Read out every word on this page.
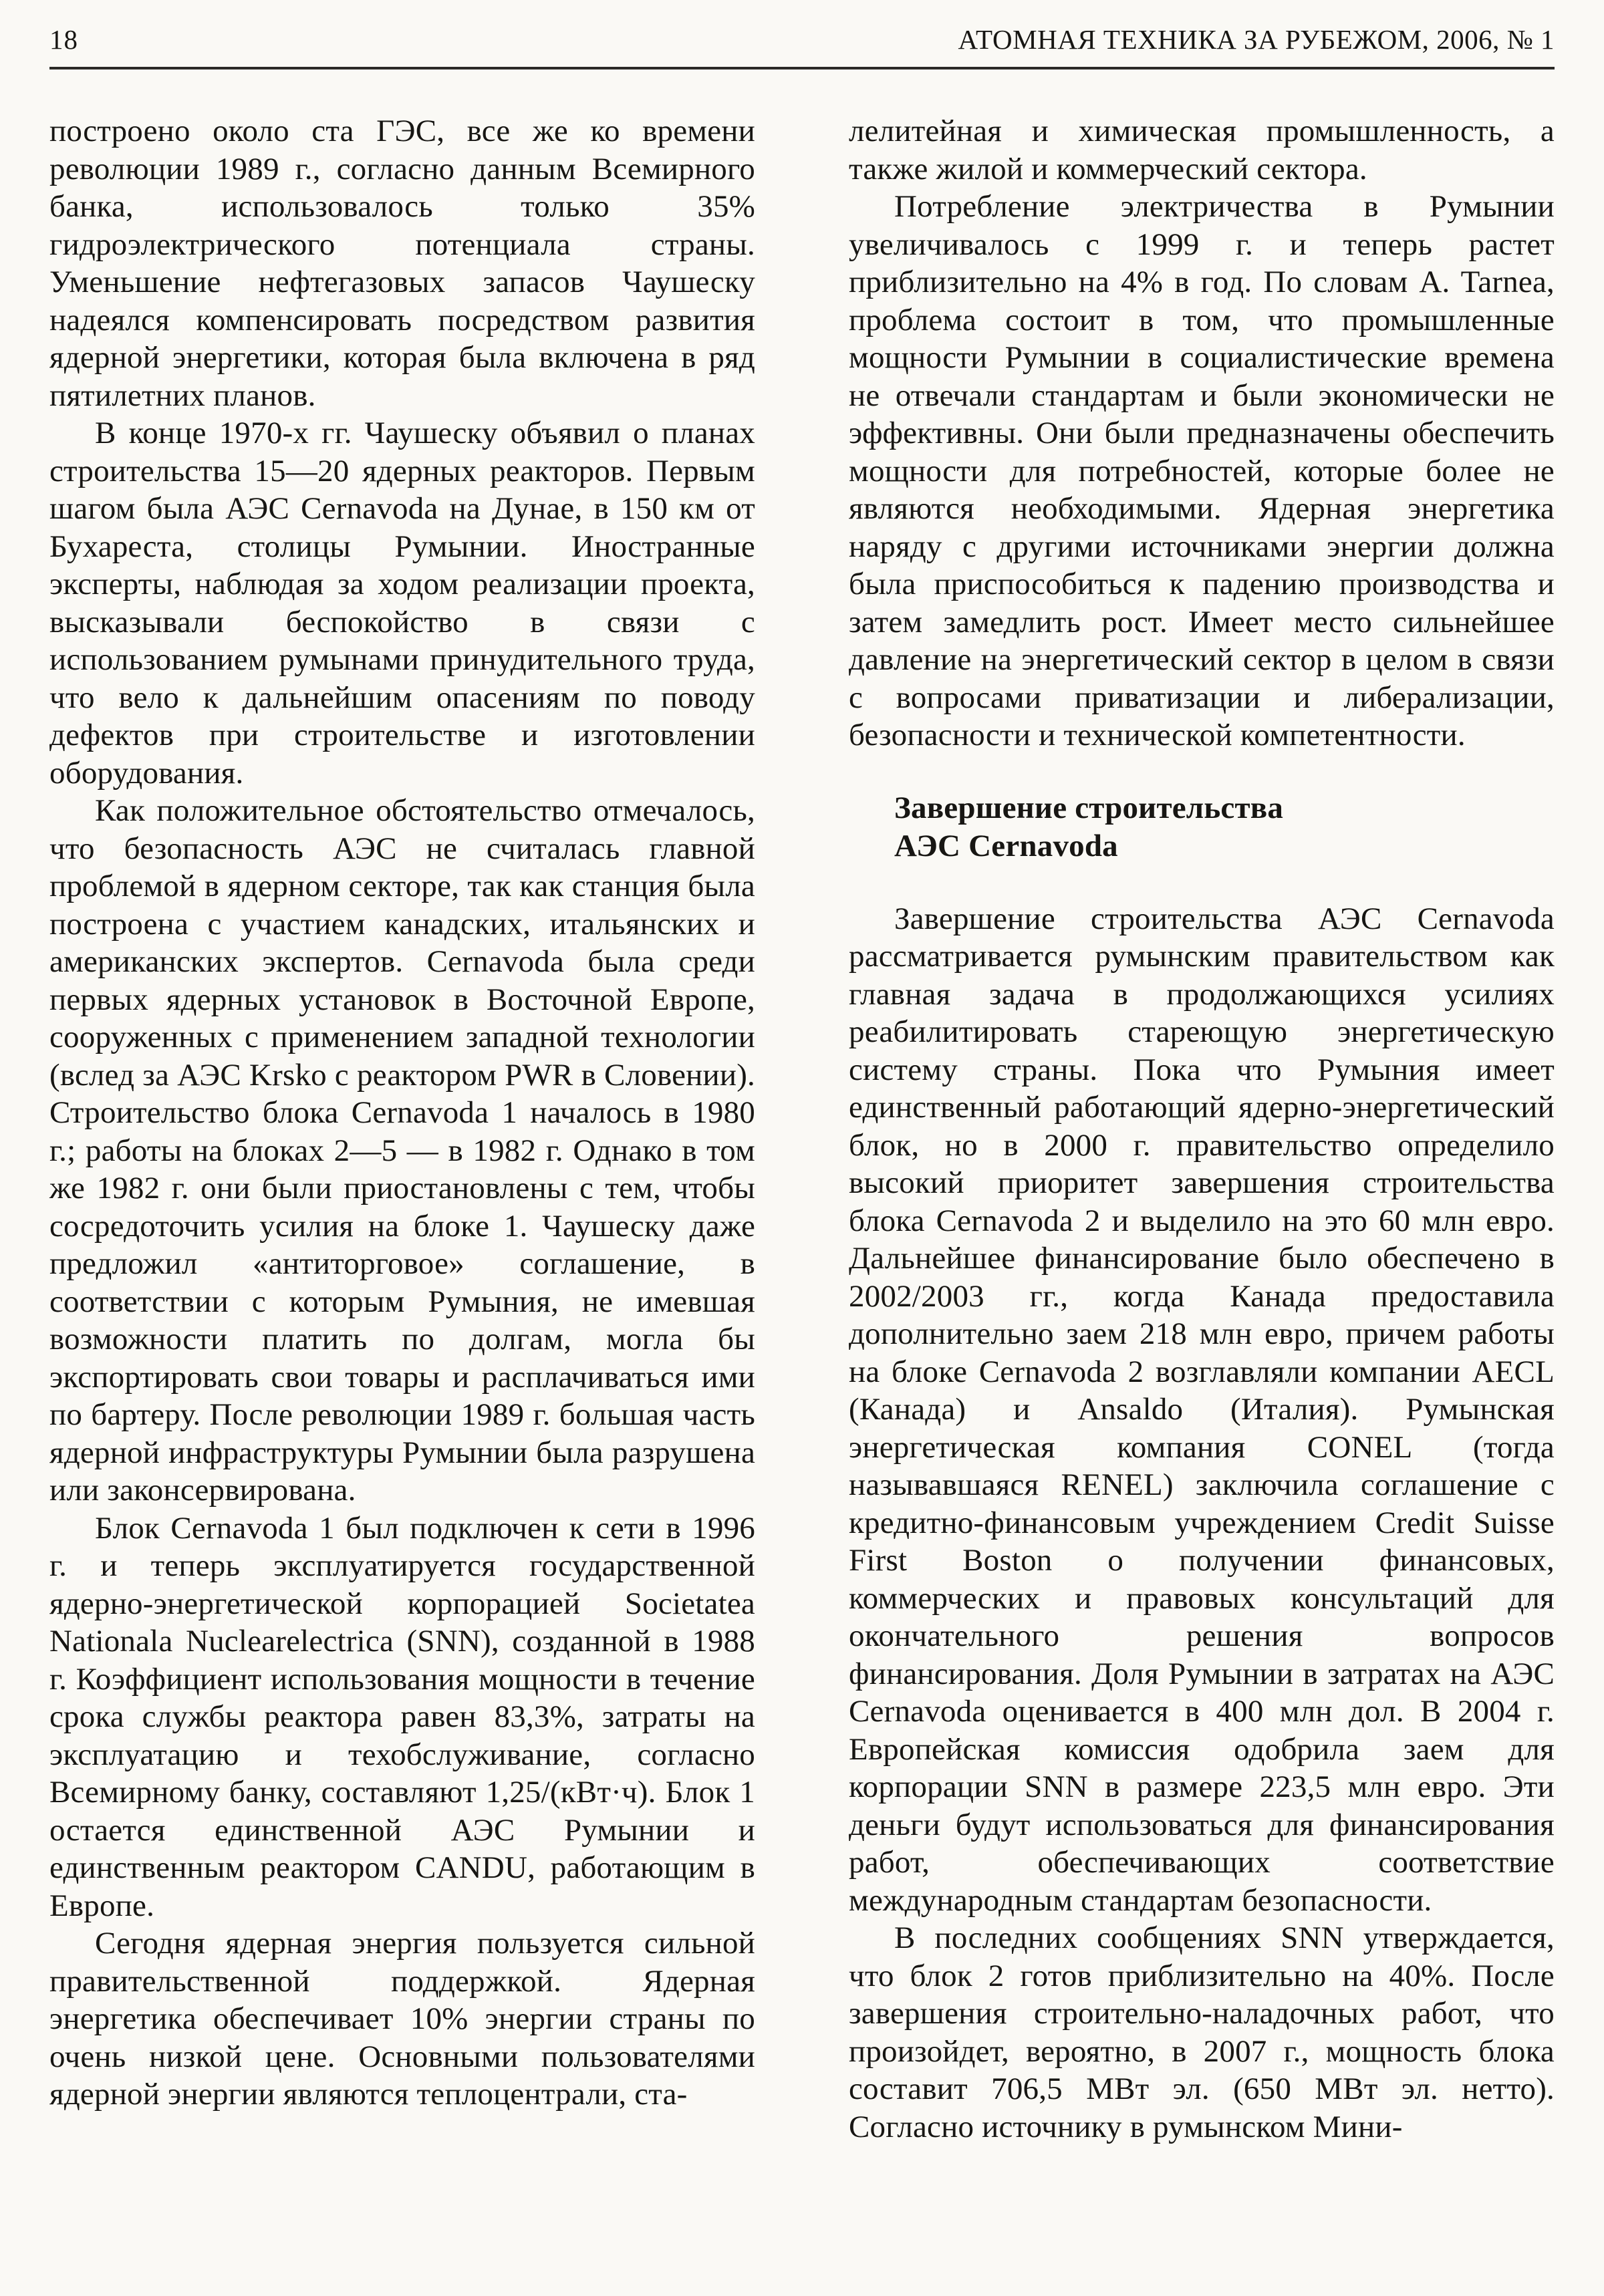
18	АТОМНАЯ ТЕХНИКА ЗА РУБЕЖОМ, 2006, № 1

построено около ста ГЭС, все же ко времени революции 1989 г., согласно данным Всемирного банка, использовалось только 35% гидроэлектрического потенциала страны. Уменьшение нефтегазовых запасов Чаушеску надеялся компенсировать посредством развития ядерной энергетики, которая была включена в ряд пятилетних планов.

В конце 1970-х гг. Чаушеску объявил о планах строительства 15—20 ядерных реакторов. Первым шагом была АЭС Cernavoda на Дунае, в 150 км от Бухареста, столицы Румынии. Иностранные эксперты, наблюдая за ходом реализации проекта, высказывали беспокойство в связи с использованием румынами принудительного труда, что вело к дальнейшим опасениям по поводу дефектов при строительстве и изготовлении оборудования.

Как положительное обстоятельство отмечалось, что безопасность АЭС не считалась главной проблемой в ядерном секторе, так как станция была построена с участием канадских, итальянских и американских экспертов. Cernavoda была среди первых ядерных установок в Восточной Европе, сооруженных с применением западной технологии (вслед за АЭС Krsko с реактором PWR в Словении). Строительство блока Cernavoda 1 началось в 1980 г.; работы на блоках 2—5 — в 1982 г. Однако в том же 1982 г. они были приостановлены с тем, чтобы сосредоточить усилия на блоке 1. Чаушеску даже предложил «антиторговое» соглашение, в соответствии с которым Румыния, не имевшая возможности платить по долгам, могла бы экспортировать свои товары и расплачиваться ими по бартеру. После революции 1989 г. большая часть ядерной инфраструктуры Румынии была разрушена или законсервирована.

Блок Cernavoda 1 был подключен к сети в 1996 г. и теперь эксплуатируется государственной ядерно-энергетической корпорацией Societatea Nationala Nuclearelectrica (SNN), созданной в 1988 г. Коэффициент использования мощности в течение срока службы реактора равен 83,3%, затраты на эксплуатацию и техобслуживание, согласно Всемирному банку, составляют 1,25/(кВт·ч). Блок 1 остается единственной АЭС Румынии и единственным реактором CANDU, работающим в Европе.

Сегодня ядерная энергия пользуется сильной правительственной поддержкой. Ядерная энергетика обеспечивает 10% энергии страны по очень низкой цене. Основными пользователями ядерной энергии являются теплоцентрали, ста-

лелитейная и химическая промышленность, а также жилой и коммерческий сектора.

Потребление электричества в Румынии увеличивалось с 1999 г. и теперь растет приблизительно на 4% в год. По словам A. Tarnea, проблема состоит в том, что промышленные мощности Румынии в социалистические времена не отвечали стандартам и были экономически не эффективны. Они были предназначены обеспечить мощности для потребностей, которые более не являются необходимыми. Ядерная энергетика наряду с другими источниками энергии должна была приспособиться к падению производства и затем замедлить рост. Имеет место сильнейшее давление на энергетический сектор в целом в связи с вопросами приватизации и либерализации, безопасности и технической компетентности.

Завершение строительства
АЭС Cernavoda

Завершение строительства АЭС Cernavoda рассматривается румынским правительством как главная задача в продолжающихся усилиях реабилитировать стареющую энергетическую систему страны. Пока что Румыния имеет единственный работающий ядерно-энергетический блок, но в 2000 г. правительство определило высокий приоритет завершения строительства блока Cernavoda 2 и выделило на это 60 млн евро. Дальнейшее финансирование было обеспечено в 2002/2003 гг., когда Канада предоставила дополнительно заем 218 млн евро, причем работы на блоке Cernavoda 2 возглавляли компании AECL (Канада) и Ansaldo (Италия). Румынская энергетическая компания CONEL (тогда называвшаяся RENEL) заключила соглашение с кредитно-финансовым учреждением Credit Suisse First Boston о получении финансовых, коммерческих и правовых консультаций для окончательного решения вопросов финансирования. Доля Румынии в затратах на АЭС Cernavoda оценивается в 400 млн дол. В 2004 г. Европейская комиссия одобрила заем для корпорации SNN в размере 223,5 млн евро. Эти деньги будут использоваться для финансирования работ, обеспечивающих соответствие международным стандартам безопасности.

В последних сообщениях SNN утверждается, что блок 2 готов приблизительно на 40%. После завершения строительно-наладочных работ, что произойдет, вероятно, в 2007 г., мощность блока составит 706,5 МВт эл. (650 МВт эл. нетто). Согласно источнику в румынском Мини-
